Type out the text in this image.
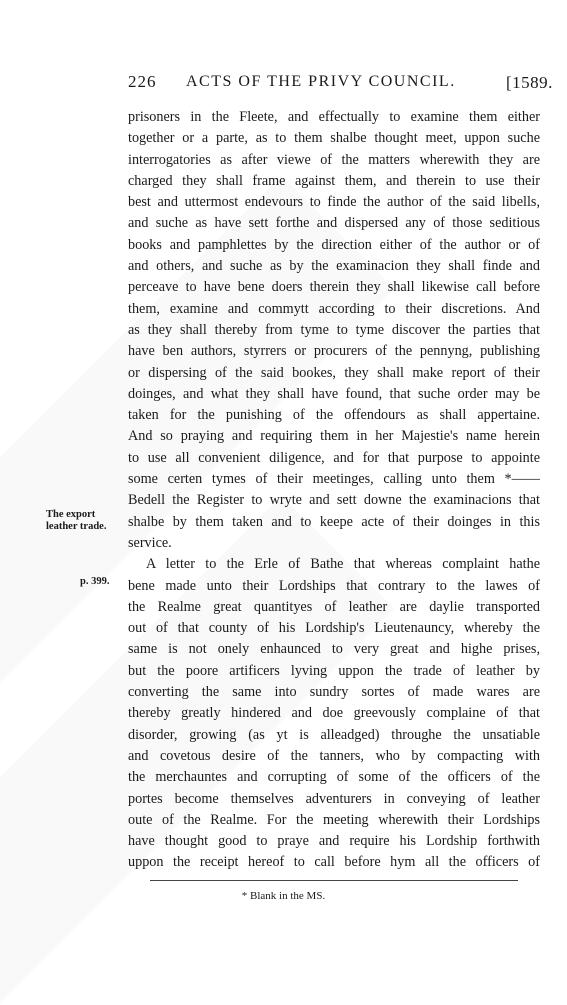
226 ACTS OF THE PRIVY COUNCIL.	[1589.
The export
leather trade.
p. 399.

prisoners in the Fleete, and effectually to examine them either
together or a parte, as to them shalbe thought meet, uppon suche
interrogatories as after viewe of the matters wherewith they are
charged they shall frame against them, and therein to use their
best and uttermost endevours to finde the author of the said libells,
and suche as have sett forthe and dispersed any of those seditious
books and pamphlettes by the direction either of the author or of
and others, and suche as by the examinacion they shall finde and
perceave to have bene doers therein they shall likewise call before
them, examine and commytt according to their discretions. And
as they shall thereby from tyme to tyme discover the parties that
have ben authors, styrrers or procurers of the pennyng, publishing
or dispersing of the said bookes, they shall make report of their
doinges, and what they shall have found, that suche order may be
taken for the punishing of the offendours as shall appertaine.
And so praying and requiring them in her Majestie's name herein
to use all convenient diligence, and for that purpose to appointe
some certen tymes of their meetinges, calling unto them *——
Bedell the Register to wryte and sett downe the examinacions that
shalbe by them taken and to keepe acte of their doinges in this
service.

A letter to the Erle of Bathe that whereas complaint hathe
bene made unto their Lordships that contrary to the lawes of
the Realme great quantityes of leather are daylie transported
out of that county of his Lordship's Lieutenauncy, whereby the
same is not onely enhaunced to very great and highe prises,
but the poore artificers lyving uppon the trade of leather by
converting the same into sundry sortes of made wares are
thereby greatly hindered and doe greevously complaine of that
disorder, growing (as yt is alleadged) throughe the unsatiable
and covetous desire of the tanners, who by compacting with
the merchauntes and corrupting of some of the officers of the
portes become themselves adventurers in conveying of leather
oute of the Realme. For the meeting wherewith their Lordships
have thought good to praye and require his Lordship forthwith
uppon the receipt hereof to call before hym all the officers of

* Blank in the MS.
